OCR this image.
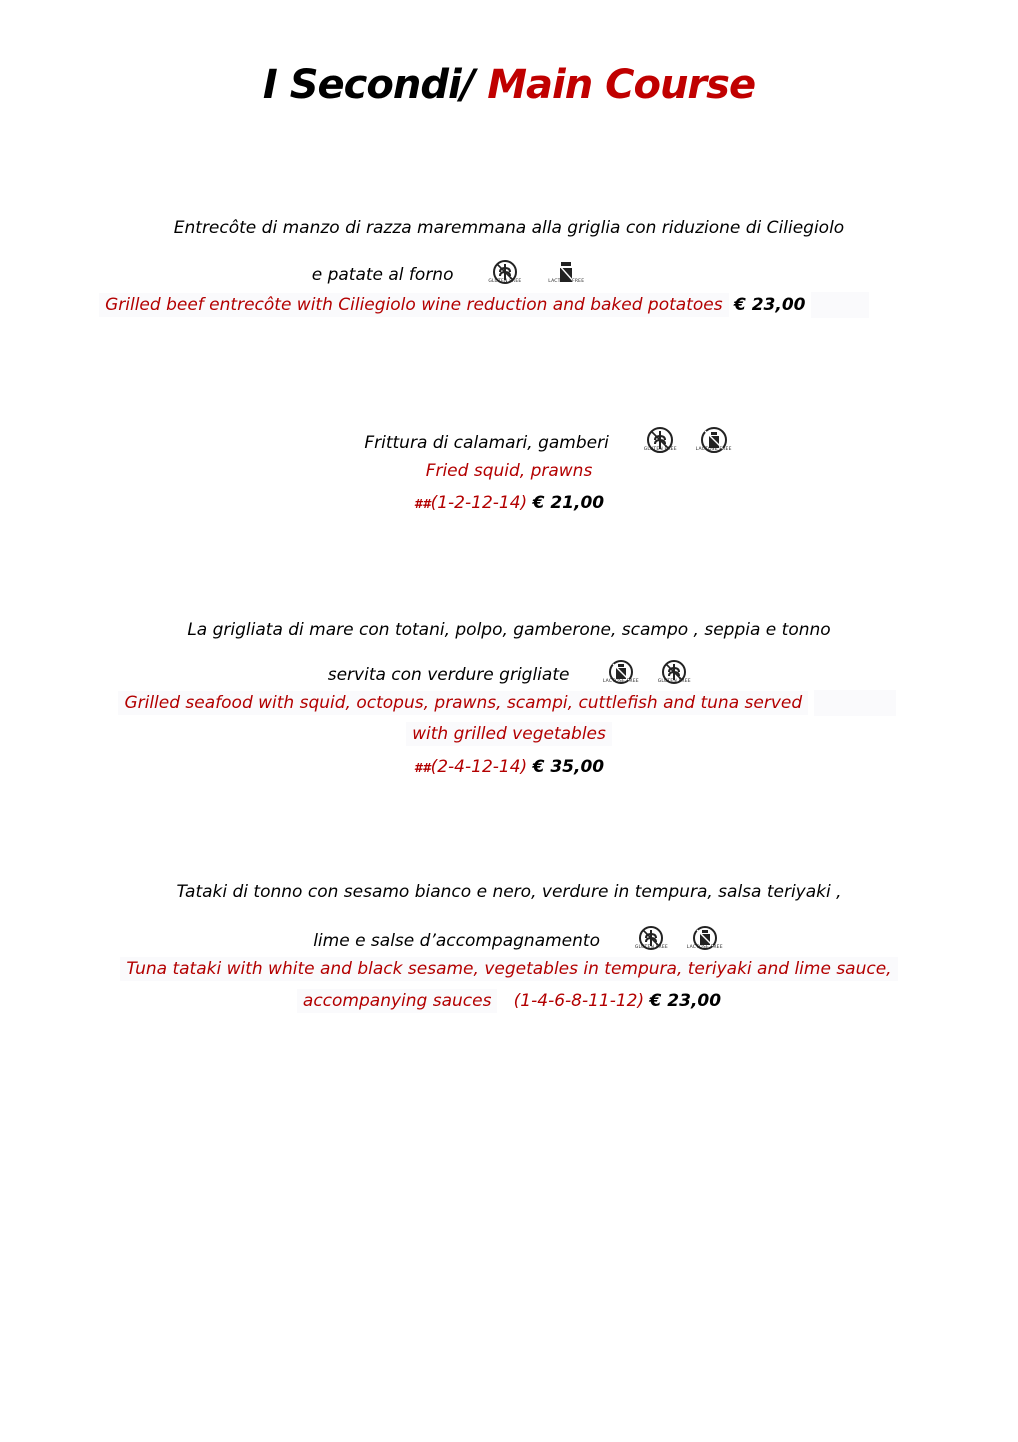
I Secondi/ Main Course
Entrecôte di manzo di razza maremmana alla griglia con riduzione di Ciliegiolo
e patate al forno	GLUTEN FREE
	LACTOSE FREE
Grilled beef entrecôte with Ciliegiolo wine reduction and baked potatoes € 23,00
Frittura di calamari, gamberi	GLUTEN FREE
	LACTOSE FREE
Fried squid, prawns
##(1-2-12-14) € 21,00
La grigliata di mare con totani, polpo, gamberone, scampo , seppia e tonno
servita con verdure grigliate	LACTOSE FREE
	GLUTEN FREE
Grilled seafood with squid, octopus, prawns, scampi, cuttlefish and tuna served
with grilled vegetables
##(2-4-12-14) € 35,00
Tataki di tonno con sesamo bianco e nero, verdure in tempura, salsa teriyaki ,
lime e salse d’accompagnamento	GLUTEN FREE
	LACTOSE FREE
Tuna tataki with white and black sesame, vegetables in tempura, teriyaki and lime sauce,
accompanying sauces (1-4-6-8-11-12) € 23,00
